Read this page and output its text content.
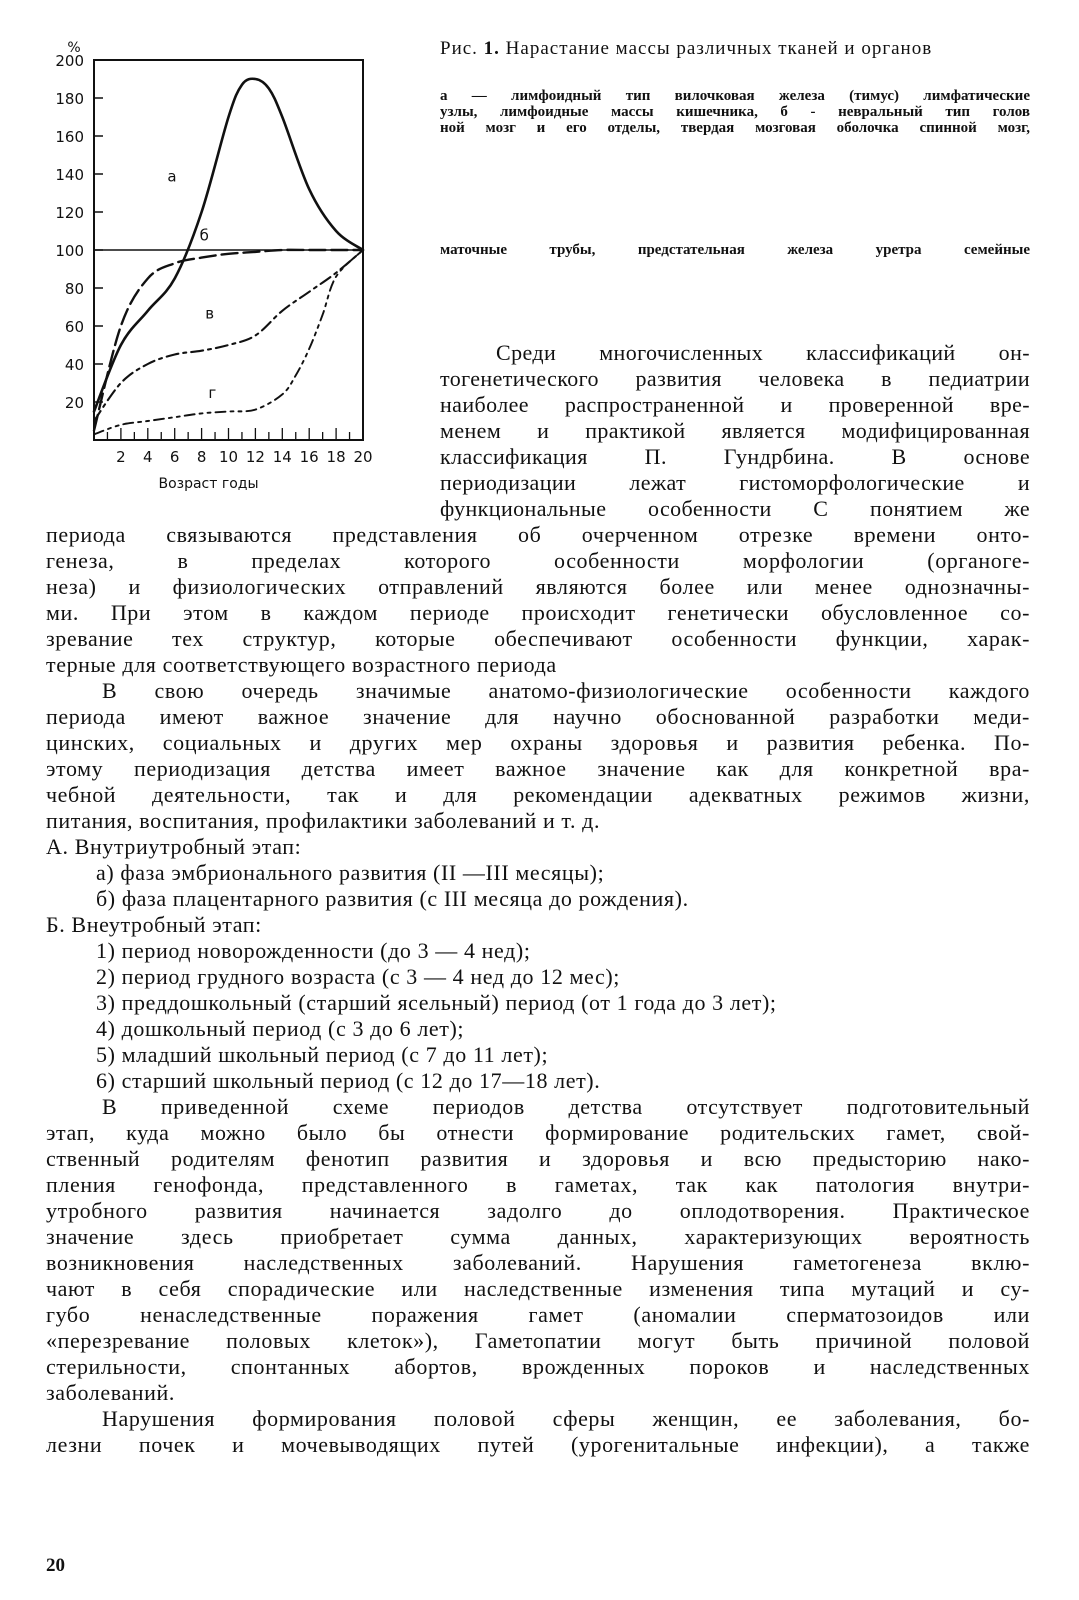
20
40
60
80
100
120
140
160
180
200
%
2 4 6 8 10 12 14 16 18 20
Возраст годы
а
б
в
г
Рис. 1. Нарастание массы различных тканей и органов
а — лимфоидный тип вилочковая железа (тимус) лимфатические
узлы, лимфоидные массы кишечника, б - невральный тип голов
ной мозг и его отделы, твердая мозговая оболочка спинной мозг,
маточные трубы, предстательная железа уретра семейные
Среди многочисленных классификаций он-
тогенетического развития человека в педиатрии
наиболее распространенной и проверенной вре-
менем и практикой является модифицированная
классификация П. Гундрбина. В основе
периодизации лежат гистоморфологические и
функциональные особенности С понятием же
периода связываются представления об очерченном отрезке времени онто-
генеза, в пределах которого особенности морфологии (органоге-
неза) и физиологических отправлений являются более или менее однозначны-
ми. При этом в каждом периоде происходит генетически обусловленное со-
зревание тех структур, которые обеспечивают особенности функции, харак-
терные для соответствующего возрастного периода
В свою очередь значимые анатомо-физиологические особенности каждого
периода имеют важное значение для научно обоснованной разработки меди-
цинских, социальных и других мер охраны здоровья и развития ребенка. По-
этому периодизация детства имеет важное значение как для конкретной вра-
чебной деятельности, так и для рекомендации адекватных режимов жизни,
питания, воспитания, профилактики заболеваний и т. д.
А. Внутриутробный этап:
а) фаза эмбрионального развития (II —III месяцы);
б) фаза плацентарного развития (с III месяца до рождения).
Б. Внеутробный этап:
1) период новорожденности (до 3 — 4 нед);
2) период грудного возраста (с 3 — 4 нед до 12 мес);
3) преддошкольный (старший ясельный) период (от 1 года до 3 лет);
4) дошкольный период (с 3 до 6 лет);
5) младший школьный период (с 7 до 11 лет);
6) старший школьный период (с 12 до 17—18 лет).
В приведенной схеме периодов детства отсутствует подготовительный
этап, куда можно было бы отнести формирование родительских гамет, свой-
ственный родителям фенотип развития и здоровья и всю предысторию нако-
пления генофонда, представленного в гаметах, так как патология внутри-
утробного развития начинается задолго до оплодотворения. Практическое
значение здесь приобретает сумма данных, характеризующих вероятность
возникновения наследственных заболеваний. Нарушения гаметогенеза вклю-
чают в себя спорадические или наследственные изменения типа мутаций и су-
губо ненаследственные поражения гамет (аномалии сперматозоидов или
«перезревание половых клеток»), Гаметопатии могут быть причиной половой
стерильности, спонтанных абортов, врожденных пороков и наследственных
заболеваний.
Нарушения формирования половой сферы женщин, ее заболевания, бо-
лезни почек и мочевыводящих путей (урогенитальные инфекции), а также
20
